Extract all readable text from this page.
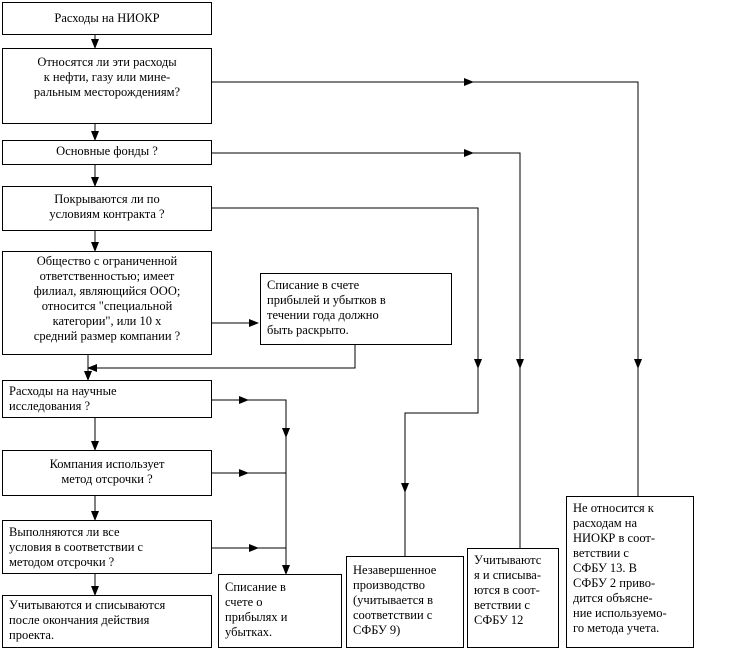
Расходы на НИОКР
Относятся ли эти расходы
к нефти, газу или мине-
ральным месторождениям?
Основные фонды ?
Покрываются ли по
условиям контракта ?
Общество с ограниченной
ответственностью; имеет
филиал, являющийся ООО;
относится "специальной
категории", или 10 х
средний размер компании ?
Списание в счете
прибылей и убытков в
течении года должно
быть раскрыто.
Расходы на научные
исследования ?
Компания использует
метод отсрочки ?
Выполняются ли все
условия в соответствии с
методом отсрочки ?
Учитываются и списываются
после окончания действия
проекта.
Списание в
счете о
прибылях и
убытках.
Незавершенное
производство
(учитывается в
соответствии с
СФБУ 9)
Учитываютс
я и списыва-
ются в соот-
ветствии с
СФБУ 12
Не относится к
расходам на
НИОКР в соот-
ветствии с
СФБУ 13. В
СФБУ 2 приво-
дится объяснe-
ние используемо-
го метода учета.
